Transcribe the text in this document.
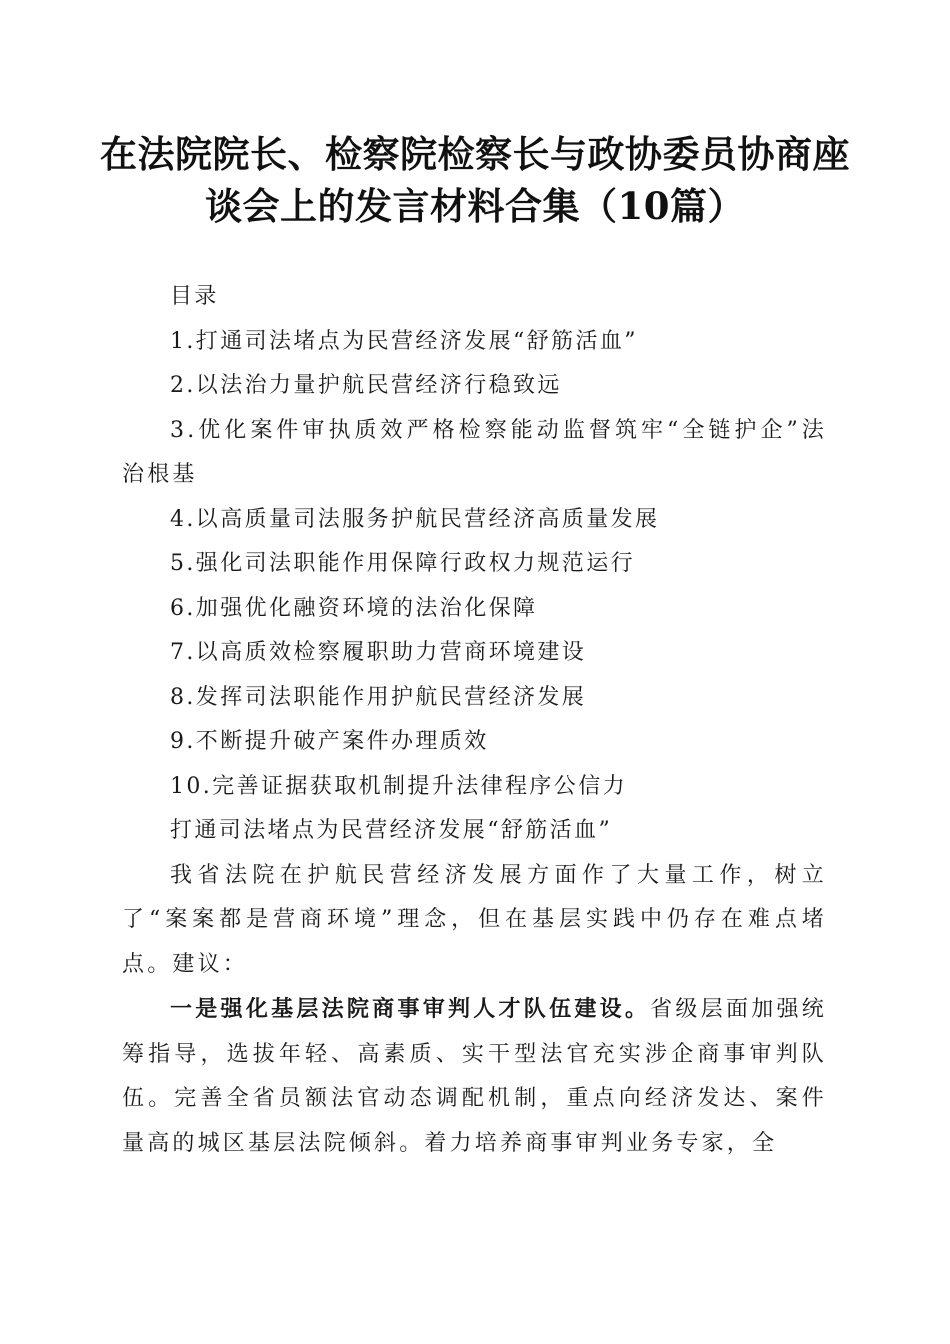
在法院院长、检察院检察长与政协委员协商座
谈会上的发言材料合集（10篇）
目录
1.打通司法堵点为民营经济发展“舒筋活血”
2.以法治力量护航民营经济行稳致远
3.优化案件审执质效严格检察能动监督筑牢“全链护企”法治根基
4.以高质量司法服务护航民营经济高质量发展
5.强化司法职能作用保障行政权力规范运行
6.加强优化融资环境的法治化保障
7.以高质效检察履职助力营商环境建设
8.发挥司法职能作用护航民营经济发展
9.不断提升破产案件办理质效
10.完善证据获取机制提升法律程序公信力
打通司法堵点为民营经济发展“舒筋活血”
我省法院在护航民营经济发展方面作了大量工作，树立了“案案都是营商环境”理念，但在基层实践中仍存在难点堵点。建议：
一是强化基层法院商事审判人才队伍建设。省级层面加强统筹指导，选拔年轻、高素质、实干型法官充实涉企商事审判队伍。完善全省员额法官动态调配机制，重点向经济发达、案件量高的城区基层法院倾斜。着力培养商事审判业务专家，全
